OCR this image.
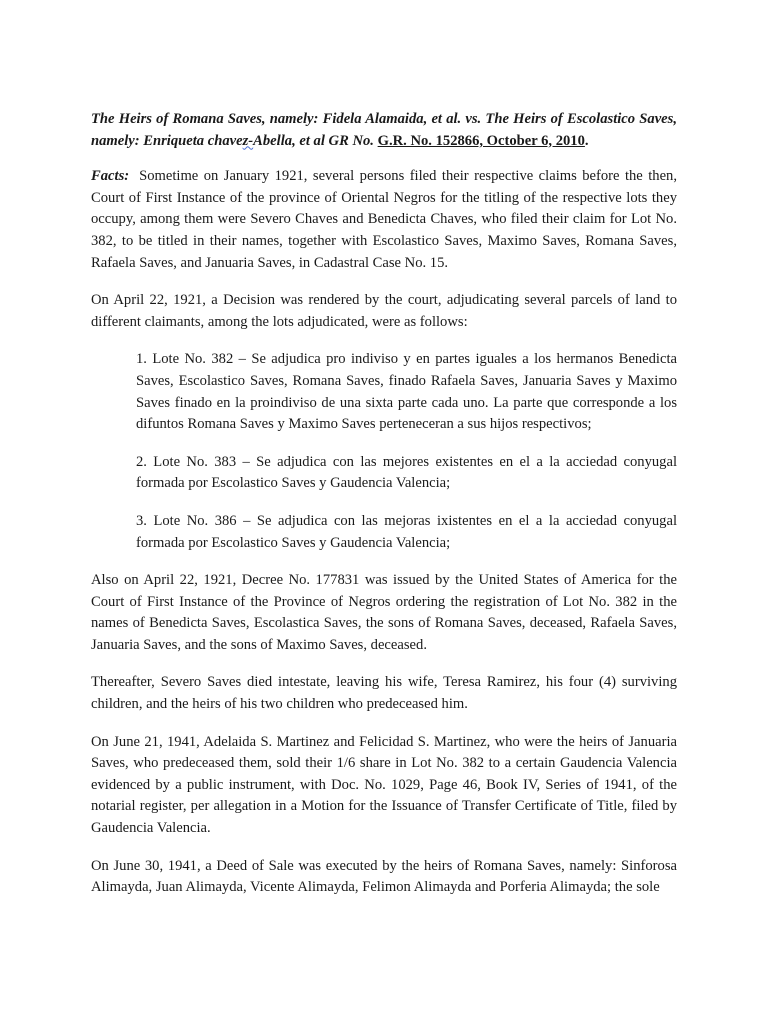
The Heirs of Romana Saves, namely: Fidela Alamaida, et al. vs. The Heirs of Escolastico Saves, namely: Enriqueta chavez-Abella, et al GR No. G.R. No. 152866, October 6, 2010.

Facts: Sometime on January 1921, several persons filed their respective claims before the then, Court of First Instance of the province of Oriental Negros for the titling of the respective lots they occupy, among them were Severo Chaves and Benedicta Chaves, who filed their claim for Lot No. 382, to be titled in their names, together with Escolastico Saves, Maximo Saves, Romana Saves, Rafaela Saves, and Januaria Saves, in Cadastral Case No. 15.

On April 22, 1921, a Decision was rendered by the court, adjudicating several parcels of land to different claimants, among the lots adjudicated, were as follows:

1. Lote No. 382 – Se adjudica pro indiviso y en partes iguales a los hermanos Benedicta Saves, Escolastico Saves, Romana Saves, finado Rafaela Saves, Januaria Saves y Maximo Saves finado en la proindiviso de una sixta parte cada uno. La parte que corresponde a los difuntos Romana Saves y Maximo Saves perteneceran a sus hijos respectivos;

2. Lote No. 383 – Se adjudica con las mejores existentes en el a la acciedad conyugal formada por Escolastico Saves y Gaudencia Valencia;

3. Lote No. 386 – Se adjudica con las mejoras ixistentes en el a la acciedad conyugal formada por Escolastico Saves y Gaudencia Valencia;

Also on April 22, 1921, Decree No. 177831 was issued by the United States of America for the Court of First Instance of the Province of Negros ordering the registration of Lot No. 382 in the names of Benedicta Saves, Escolastica Saves, the sons of Romana Saves, deceased, Rafaela Saves, Januaria Saves, and the sons of Maximo Saves, deceased.

Thereafter, Severo Saves died intestate, leaving his wife, Teresa Ramirez, his four (4) surviving children, and the heirs of his two children who predeceased him.

On June 21, 1941, Adelaida S. Martinez and Felicidad S. Martinez, who were the heirs of Januaria Saves, who predeceased them, sold their 1/6 share in Lot No. 382 to a certain Gaudencia Valencia evidenced by a public instrument, with Doc. No. 1029, Page 46, Book IV, Series of 1941, of the notarial register, per allegation in a Motion for the Issuance of Transfer Certificate of Title, filed by Gaudencia Valencia.

On June 30, 1941, a Deed of Sale was executed by the heirs of Romana Saves, namely: Sinforosa Alimayda, Juan Alimayda, Vicente Alimayda, Felimon Alimayda and Porferia Alimayda; the sole
